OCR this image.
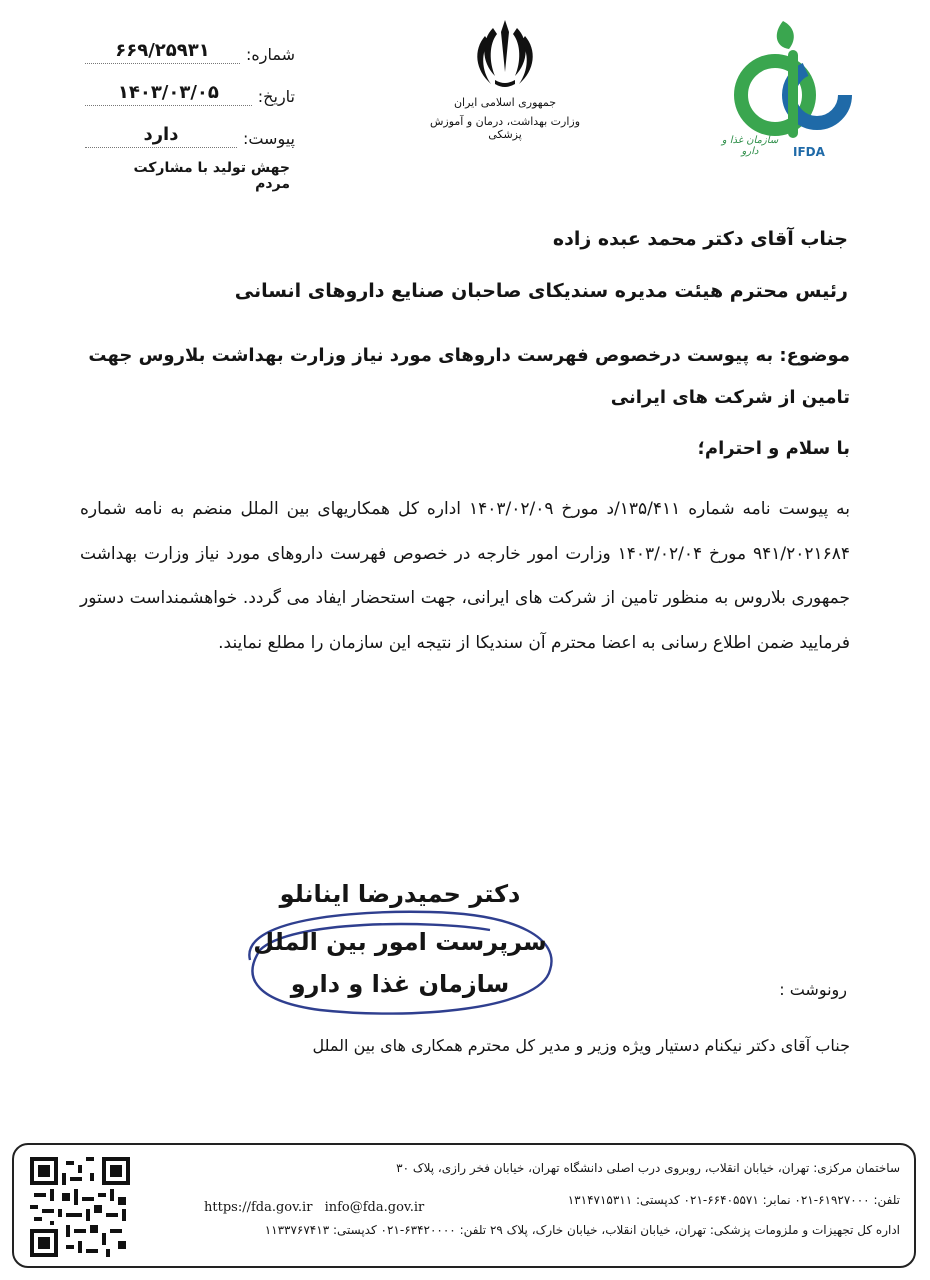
شماره:
۶۶۹/۲۵۹۳۱
تاریخ:
۱۴۰۳/۰۳/۰۵
پیوست:
دارد
جهش تولید با مشارکت مردم
جمهوری اسلامی ایران
وزارت بهداشت، درمان و آموزش پزشکی	سازمان غذا و دارو	IFDA
جناب آقای دکتر محمد عبده زاده
رئیس محترم هیئت مدیره سندیکای صاحبان صنایع داروهای انسانی
موضوع: به پیوست درخصوص فهرست داروهای مورد نیاز وزارت بهداشت بلاروس جهت تامین از شرکت های ایرانی
با سلام و احترام؛
به پیوست نامه شماره ۱۳۵/۴۱۱/د مورخ ۱۴۰۳/۰۲/۰۹ اداره کل همکاریهای بین الملل منضم به نامه شماره ۹۴۱/۲۰۲۱۶۸۴ مورخ ۱۴۰۳/۰۲/۰۴ وزارت امور خارجه در خصوص فهرست داروهای مورد نیاز وزارت بهداشت جمهوری بلاروس به منظور تامین از شرکت های ایرانی، جهت استحضار ایفاد می گردد. خواهشمنداست دستور فرمایید ضمن اطلاع رسانی به اعضا محترم آن سندیکا از نتیجه این سازمان را مطلع نمایند.
دکتر حمیدرضا اینانلو
سرپرست امور بین الملل
سازمان غذا و دارو	رونوشت :
جناب آقای دکتر نیکنام دستیار ویژه وزیر و مدیر کل محترم همکاری های بین الملل
ساختمان مرکزی: تهران، خیابان انقلاب، روبروی درب اصلی دانشگاه تهران، خیابان فخر رازی، پلاک ۳۰
تلفن: ۶۱۹۲۷۰۰۰-۰۲۱ نمابر: ۶۶۴۰۵۵۷۱-۰۲۱ کدپستی: ۱۳۱۴۷۱۵۳۱۱
https://fda.gov.ir info@fda.gov.ir
اداره کل تجهیزات و ملزومات پزشکی: تهران، خیابان انقلاب، خیابان خارک، پلاک ۲۹ تلفن: ۶۳۴۲۰۰۰۰-۰۲۱ کدپستی: ۱۱۳۳۷۶۷۴۱۳
